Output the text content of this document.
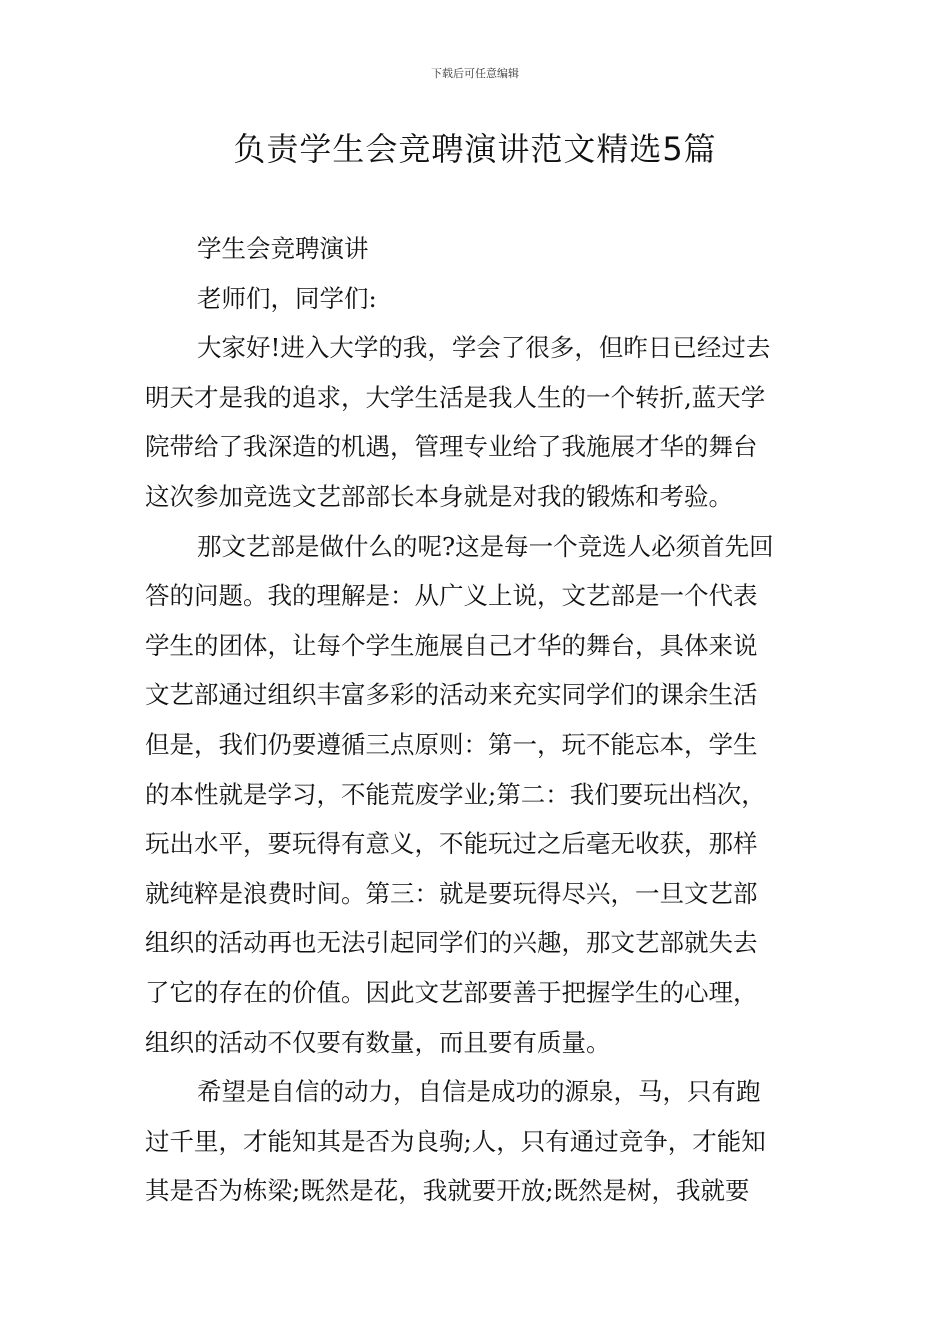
下载后可任意编辑
负责学生会竞聘演讲范文精选5篇
学生会竞聘演讲
老师们，同学们:
大家好!进入大学的我，学会了很多，但昨日已经过去
明天才是我的追求，大学生活是我人生的一个转折,蓝天学
院带给了我深造的机遇，管理专业给了我施展才华的舞台
这次参加竞选文艺部部长本身就是对我的锻炼和考验。
那文艺部是做什么的呢?这是每一个竞选人必须首先回
答的问题。我的理解是：从广义上说，文艺部是一个代表
学生的团体，让每个学生施展自己才华的舞台，具体来说
文艺部通过组织丰富多彩的活动来充实同学们的课余生活
但是，我们仍要遵循三点原则：第一，玩不能忘本，学生
的本性就是学习，不能荒废学业;第二：我们要玩出档次，
玩出水平，要玩得有意义，不能玩过之后毫无收获，那样
就纯粹是浪费时间。第三：就是要玩得尽兴，一旦文艺部
组织的活动再也无法引起同学们的兴趣，那文艺部就失去
了它的存在的价值。因此文艺部要善于把握学生的心理，
组织的活动不仅要有数量，而且要有质量。
希望是自信的动力，自信是成功的源泉，马，只有跑
过千里，才能知其是否为良驹;人，只有通过竞争，才能知
其是否为栋梁;既然是花，我就要开放;既然是树，我就要
